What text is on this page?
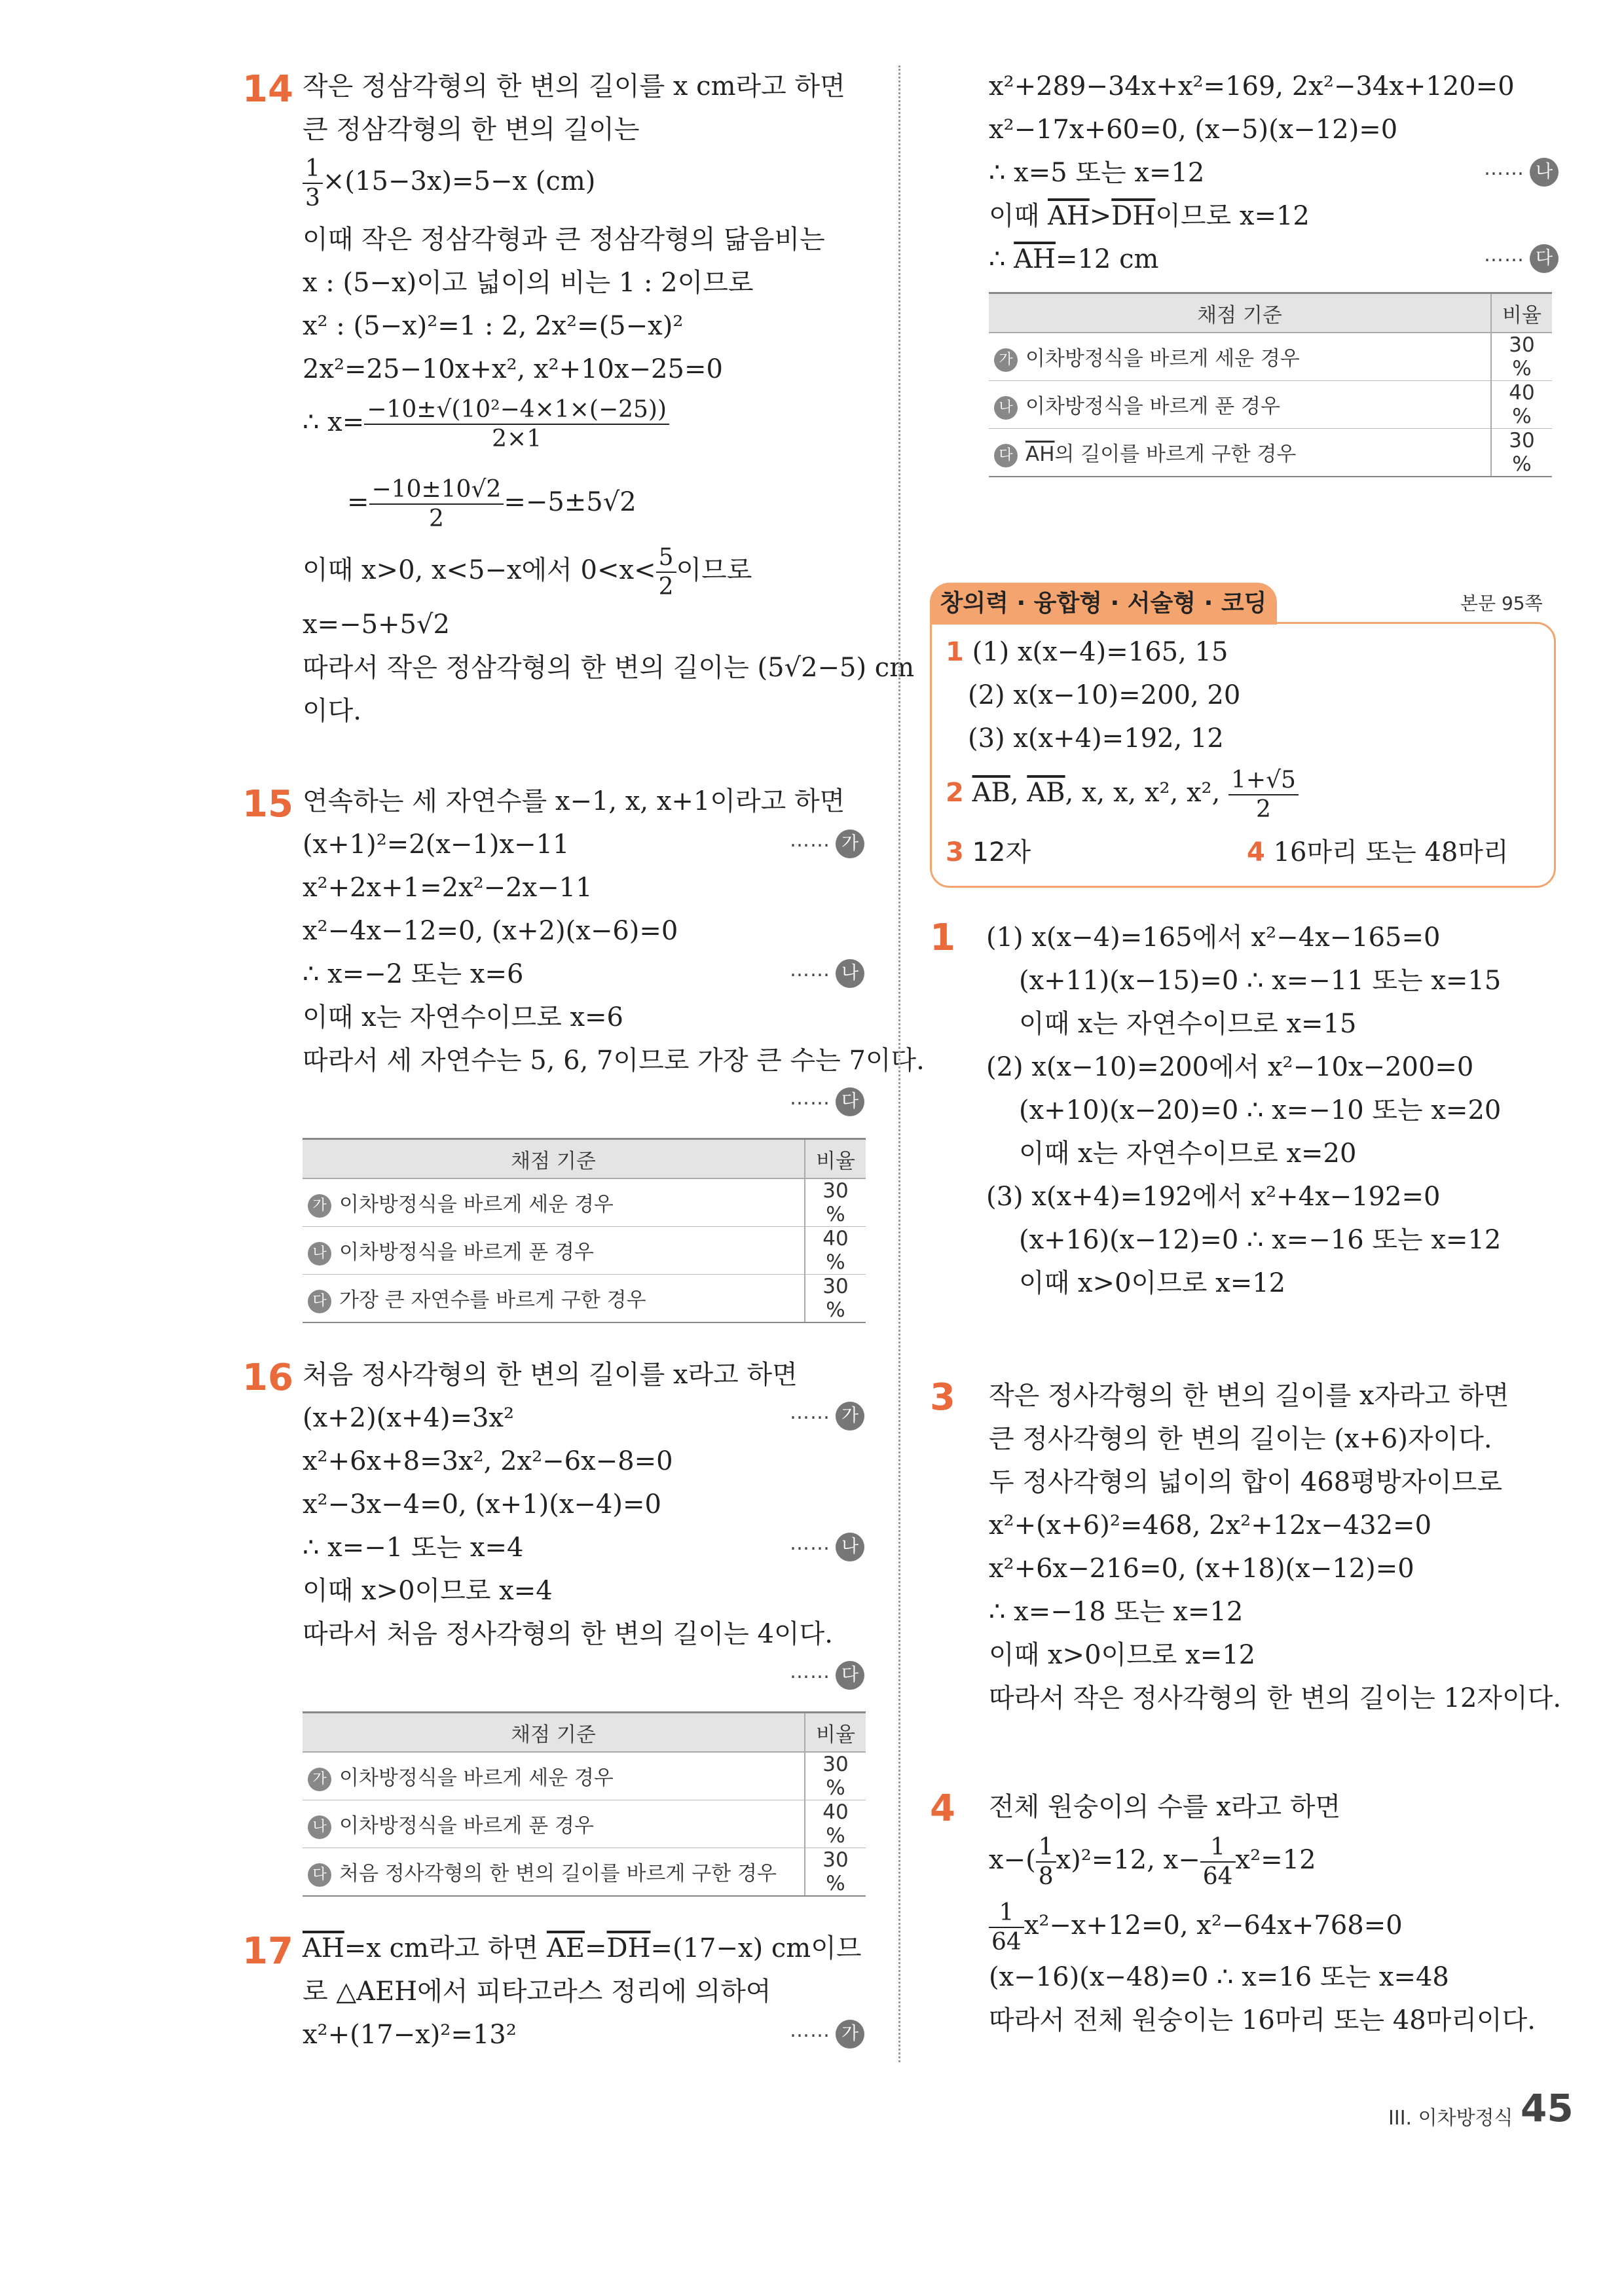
14 작은 정삼각형의 한 변의 길이를 x cm라고 하면
큰 정삼각형의 한 변의 길이는
$\frac{1}{3} \times(15-3x)=5-x$ (cm)
이때 작은 정삼각형과 큰 정삼각형의 닮음비는
x : (5−x)이고 넓이의 비는 1 : 2이므로
x² : (5−x)²=1 : 2, 2x²=(5−x)²
2x²=25−10x+x², x²+10x−25=0
∴ $x= \frac{\text{−10±√(10²−4×1×(−25))}}{2\times 1}$
= $\frac{-10\pm 10√2}{2} =-5\pm 5√2$
이때 x>0, x<5−x에서 $0<x< \frac{5}{2}$ 이므로
x=−5+5√2
따라서 작은 정삼각형의 한 변의 길이는 (5√2−5) cm
이다.
15 연속하는 세 자연수를 x−1, x, x+1이라고 하면
(x+1)²=2(x−1)x−11	…… 가
x²+2x+1=2x²−2x−11
x²−4x−12=0, (x+2)(x−6)=0
∴ x=−2 또는 x=6	…… 나
이때 x는 자연수이므로 x=6
따라서 세 자연수는 5, 6, 7이므로 가장 큰 수는 7이다.
…… 다
채점 기준	비율
가 이차방정식을 바르게 세운 경우	30 %
나 이차방정식을 바르게 푼 경우	40 %
다 가장 큰 자연수를 바르게 구한 경우	30 %
16 처음 정사각형의 한 변의 길이를 x라고 하면
(x+2)(x+4)=3x²	…… 가
x²+6x+8=3x², 2x²−6x−8=0
x²−3x−4=0, (x+1)(x−4)=0
∴ x=−1 또는 x=4	…… 나
이때 x>0이므로 x=4
따라서 처음 정사각형의 한 변의 길이는 4이다.
…… 다
채점 기준	비율
가 이차방정식을 바르게 세운 경우	30 %
나 이차방정식을 바르게 푼 경우	40 %
다 처음 정사각형의 한 변의 길이를 바르게 구한 경우	30 %
17 $\overline{AH}=x$ cm라고 하면 $\overline{AE}=\overline{DH}=(17-x)$ cm이므
로 △AEH에서 피타고라스 정리에 의하여
x²+(17−x)²=13²	…… 가
x²+289−34x+x²=169, 2x²−34x+120=0
x²−17x+60=0, (x−5)(x−12)=0
∴ x=5 또는 x=12	…… 나
이때 $\overline{AH}>\overline{DH}$이므로 x=12
∴ $\overline{AH}=12$ cm	…… 다
채점 기준	비율
가 이차방정식을 바르게 세운 경우	30 %
나 이차방정식을 바르게 푼 경우	40 %
다 $\overline{AH}$의 길이를 바르게 구한 경우	30 %
창의력 · 융합형 · 서술형 · 코딩	본문 95쪽
1 (1) x(x−4)=165, 15
(2) x(x−10)=200, 20
(3) x(x+4)=192, 12
2 $\overline{AB}$, $\overline{AB}$, x, x, x², x², $\frac{1+√5}{2}$
3 12자	4 16마리 또는 48마리
1 (1) x(x−4)=165에서 x²−4x−165=0
(x+11)(x−15)=0 ∴ x=−11 또는 x=15
이때 x는 자연수이므로 x=15
(2) x(x−10)=200에서 x²−10x−200=0
(x+10)(x−20)=0 ∴ x=−10 또는 x=20
이때 x는 자연수이므로 x=20
(3) x(x+4)=192에서 x²+4x−192=0
(x+16)(x−12)=0 ∴ x=−16 또는 x=12
이때 x>0이므로 x=12
3 작은 정사각형의 한 변의 길이를 x자라고 하면
큰 정사각형의 한 변의 길이는 (x+6)자이다.
두 정사각형의 넓이의 합이 468평방자이므로
x²+(x+6)²=468, 2x²+12x−432=0
x²+6x−216=0, (x+18)(x−12)=0
∴ x=−18 또는 x=12
이때 x>0이므로 x=12
따라서 작은 정사각형의 한 변의 길이는 12자이다.
4 전체 원숭이의 수를 x라고 하면
$x-( \frac{1}{8} x)^2=12$, $x- \frac{1}{64} x^2=12$
$\frac{1}{64} x^2-x+12=0$, x²−64x+768=0
(x−16)(x−48)=0 ∴ x=16 또는 x=48
따라서 전체 원숭이는 16마리 또는 48마리이다.
III. 이차방정식 45
